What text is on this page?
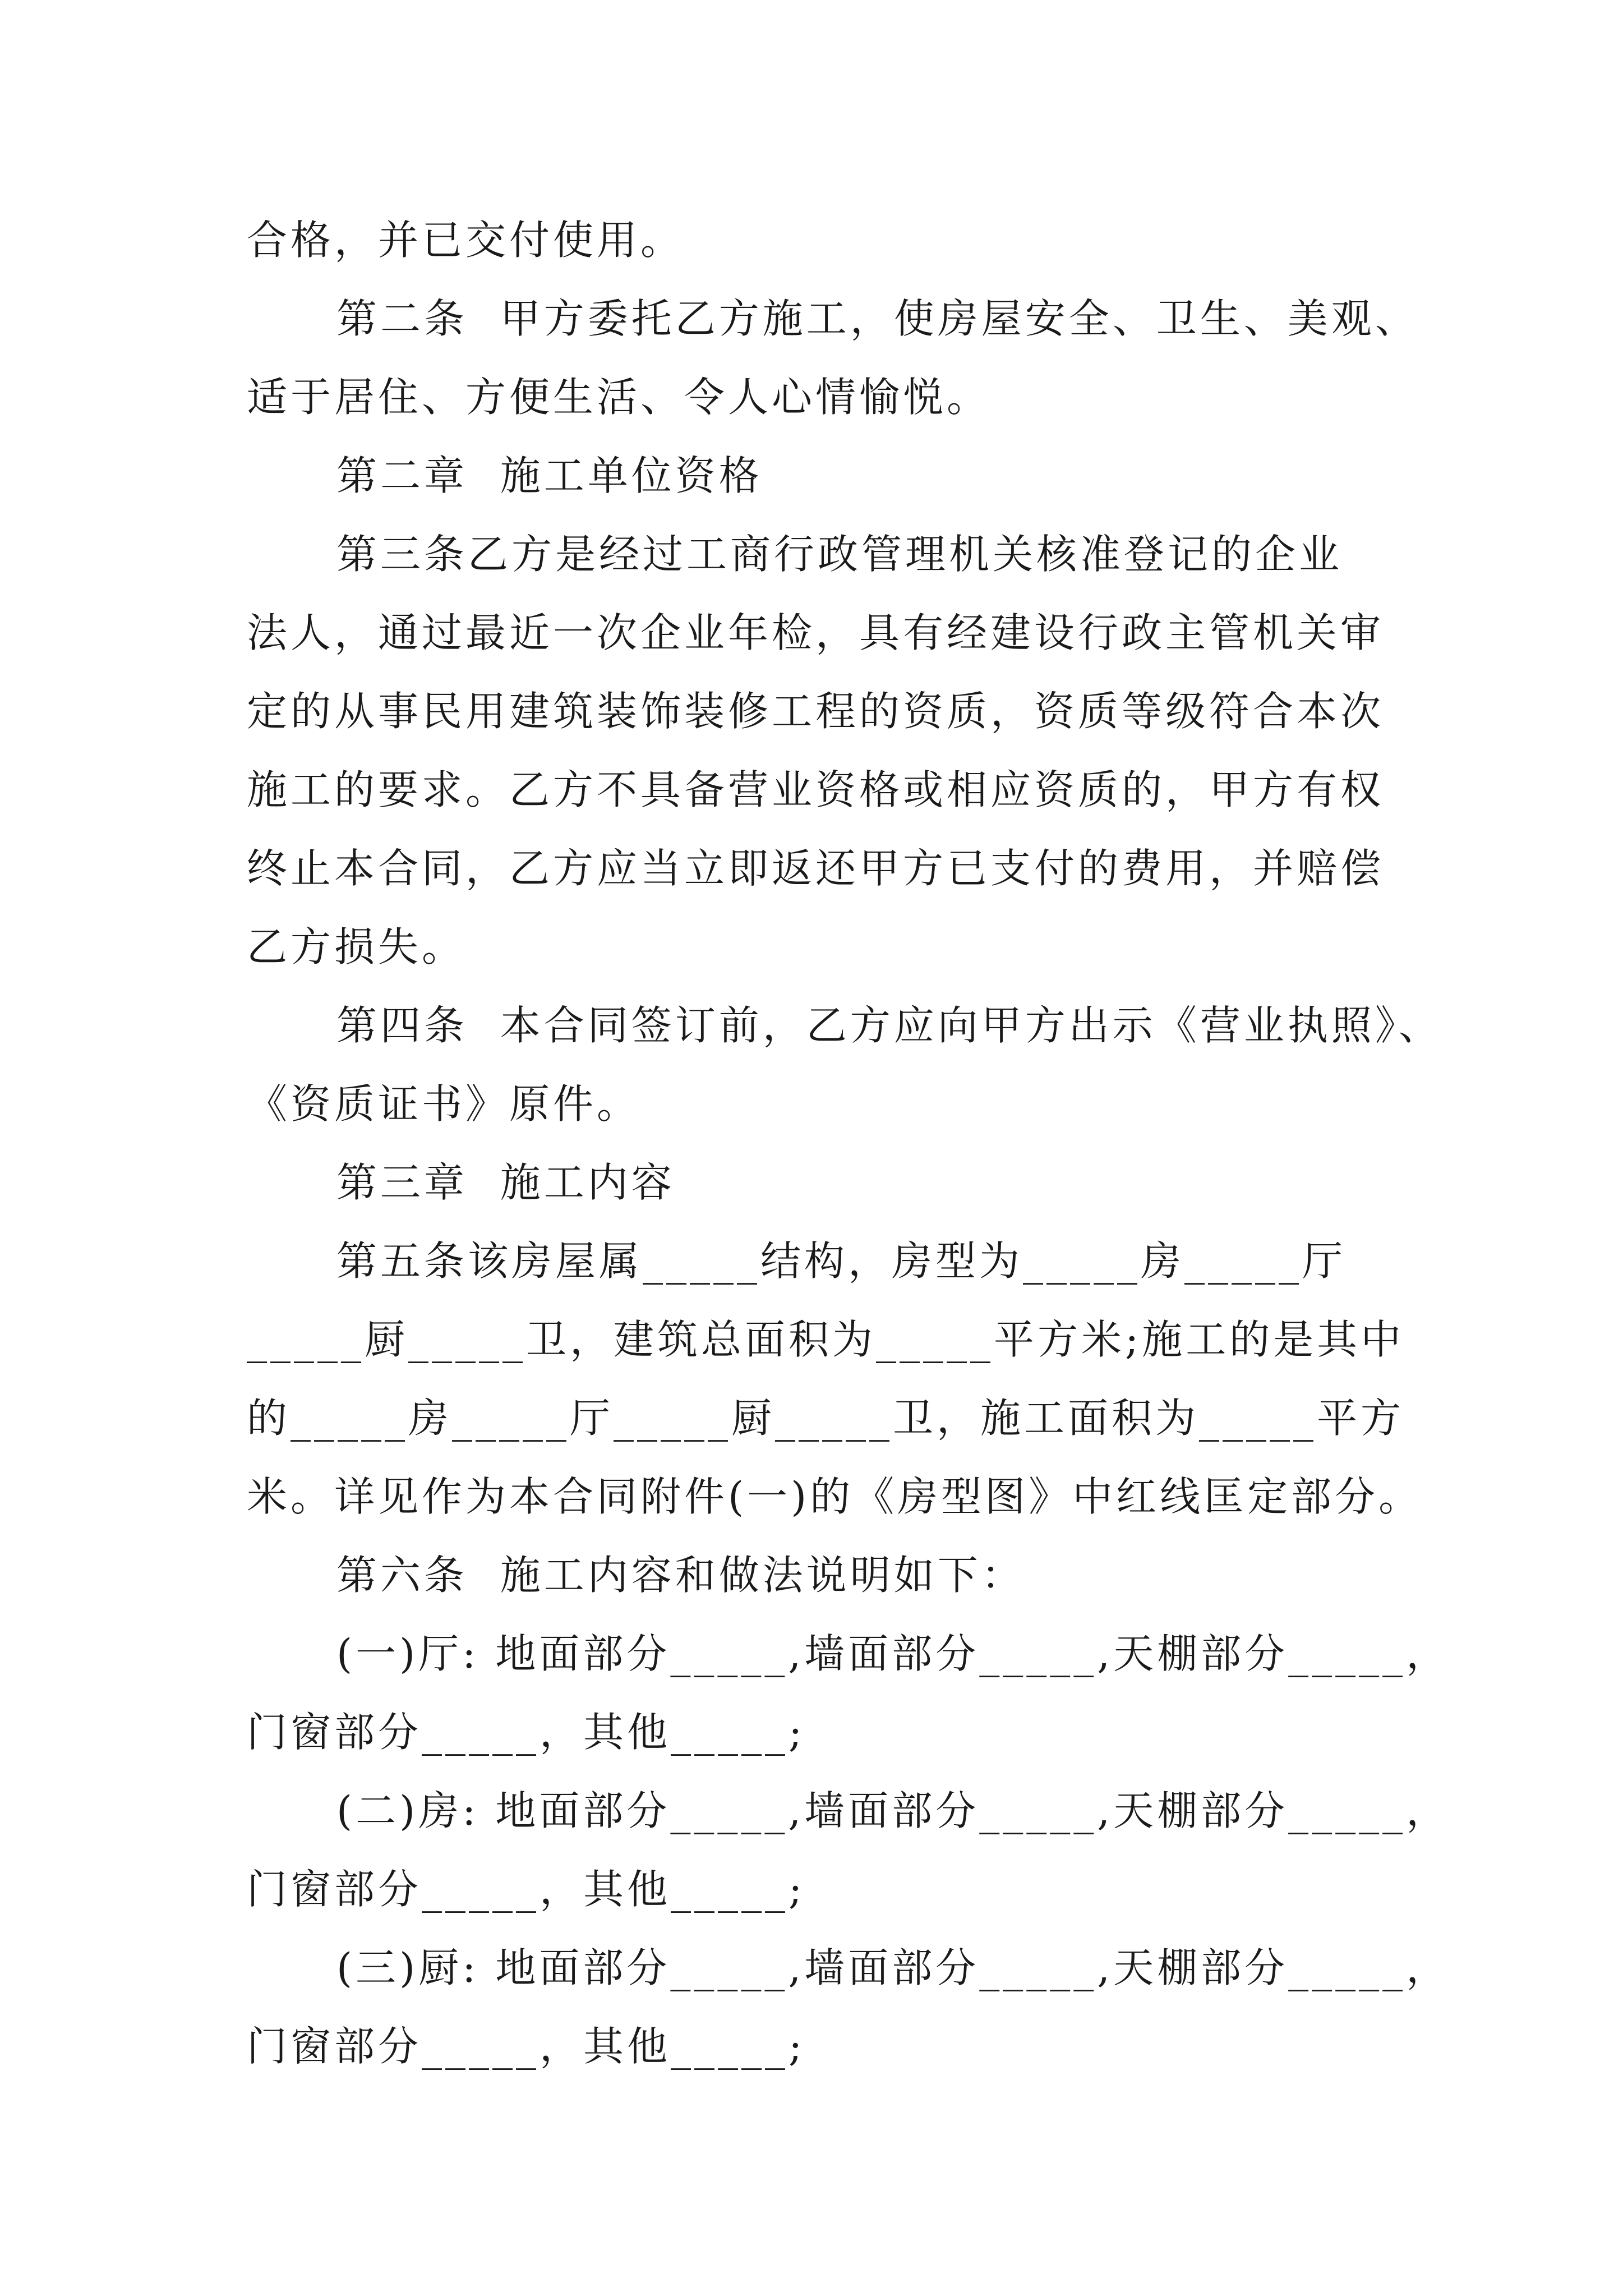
合格，并已交付使用。
第二条  甲方委托乙方施工，使房屋安全、卫生、美观、
适于居住、方便生活、令人心情愉悦。
第二章  施工单位资格
第三条乙方是经过工商行政管理机关核准登记的企业
法人，通过最近一次企业年检，具有经建设行政主管机关审
定的从事民用建筑装饰装修工程的资质，资质等级符合本次
施工的要求。乙方不具备营业资格或相应资质的，甲方有权
终止本合同，乙方应当立即返还甲方已支付的费用，并赔偿
乙方损失。
第四条  本合同签订前，乙方应向甲方出示《营业执照》、
《资质证书》原件。
第三章  施工内容
第五条该房屋属_____结构，房型为_____房_____厅
_____厨_____卫，建筑总面积为_____平方米;施工的是其中
的_____房_____厅_____厨_____卫，施工面积为_____平方
米。详见作为本合同附件(一)的《房型图》中红线匡定部分。
第六条  施工内容和做法说明如下：
(一)厅: 地面部分_____,墙面部分_____,天棚部分_____，
门窗部分_____，其他_____;
(二)房: 地面部分_____,墙面部分_____,天棚部分_____，
门窗部分_____，其他_____;
(三)厨: 地面部分_____,墙面部分_____,天棚部分_____，
门窗部分_____，其他_____;
